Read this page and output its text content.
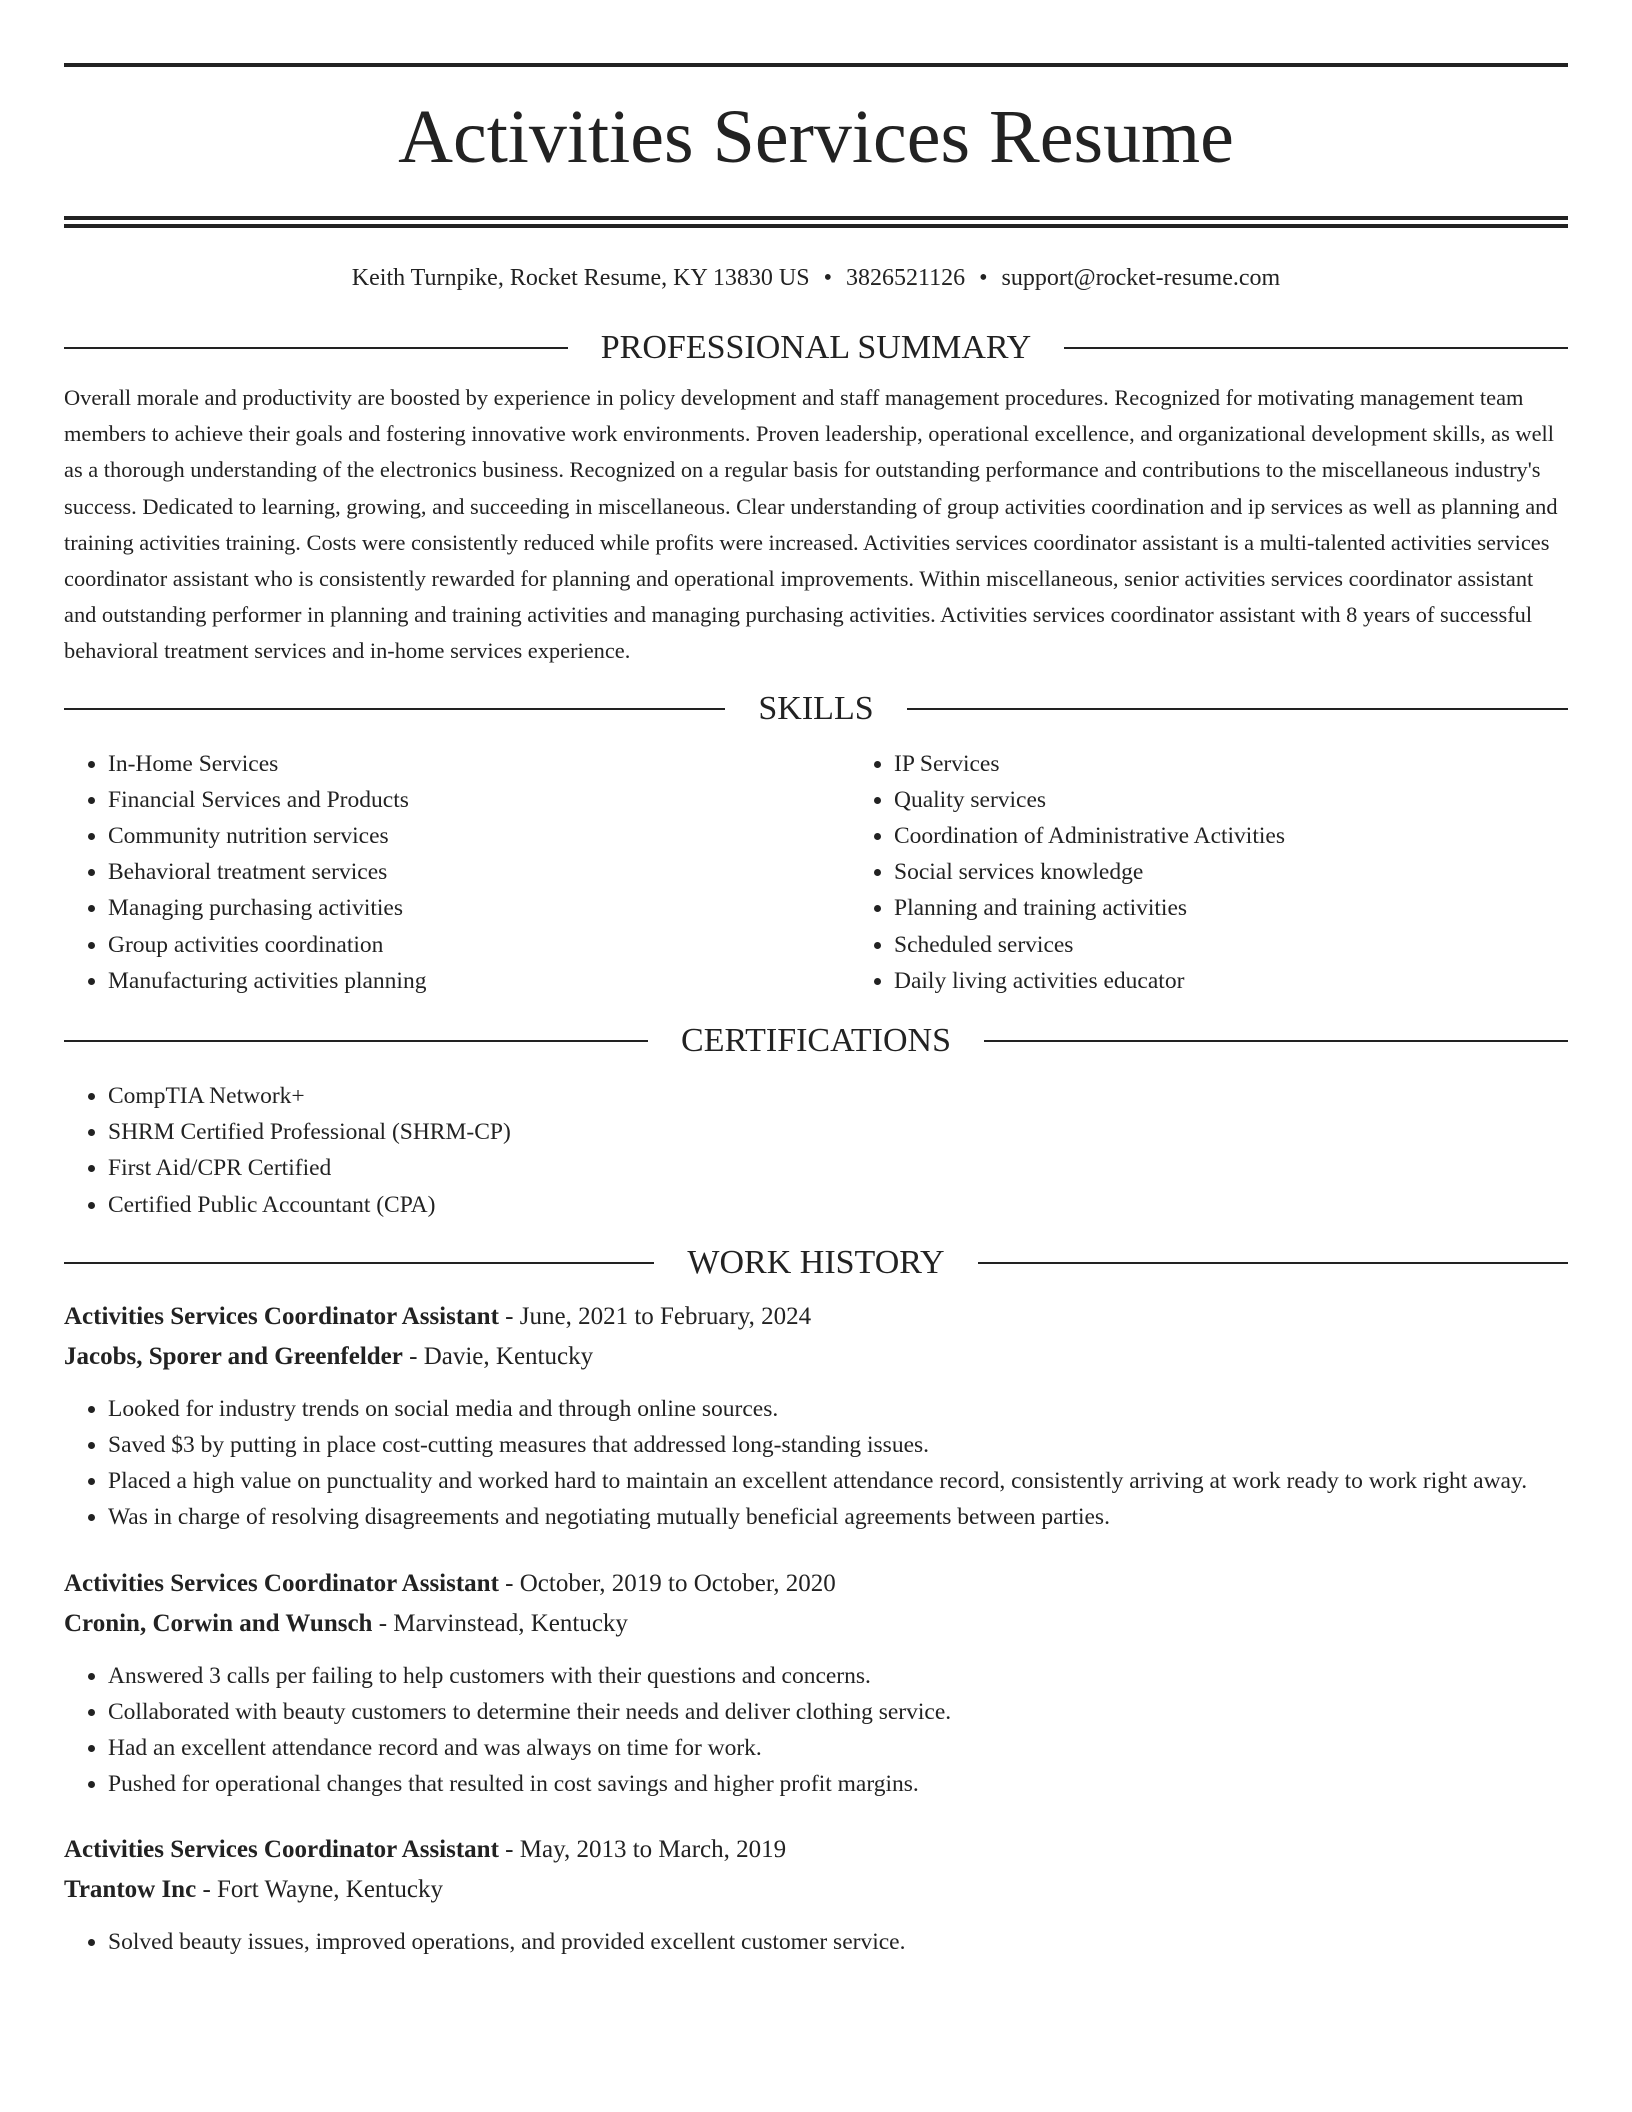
Activities Services Resume
Keith Turnpike, Rocket Resume, KY 13830 US • 3826521126 • support@rocket-resume.com
PROFESSIONAL SUMMARY

Overall morale and productivity are boosted by experience in policy development and staff management procedures. Recognized for motivating management team members to achieve their goals and fostering innovative work environments. Proven leadership, operational excellence, and organizational development skills, as well as a thorough understanding of the electronics business. Recognized on a regular basis for outstanding performance and contributions to the miscellaneous industry's success. Dedicated to learning, growing, and succeeding in miscellaneous. Clear understanding of group activities coordination and ip services as well as planning and training activities training. Costs were consistently reduced while profits were increased. Activities services coordinator assistant is a multi-talented activities services coordinator assistant who is consistently rewarded for planning and operational improvements. Within miscellaneous, senior activities services coordinator assistant and outstanding performer in planning and training activities and managing purchasing activities. Activities services coordinator assistant with 8 years of successful behavioral treatment services and in-home services experience.

SKILLS
• In-Home Services
• Financial Services and Products
• Community nutrition services
• Behavioral treatment services
• Managing purchasing activities
• Group activities coordination
• Manufacturing activities planning
• IP Services
• Quality services
• Coordination of Administrative Activities
• Social services knowledge
• Planning and training activities
• Scheduled services
• Daily living activities educator
CERTIFICATIONS
• CompTIA Network+
• SHRM Certified Professional (SHRM-CP)
• First Aid/CPR Certified
• Certified Public Accountant (CPA)
WORK HISTORY
Activities Services Coordinator Assistant - June, 2021 to February, 2024
Jacobs, Sporer and Greenfelder - Davie, Kentucky
• Looked for industry trends on social media and through online sources.
• Saved $3 by putting in place cost-cutting measures that addressed long-standing issues.
• Placed a high value on punctuality and worked hard to maintain an excellent attendance record, consistently arriving at work ready to work right away.
• Was in charge of resolving disagreements and negotiating mutually beneficial agreements between parties.
Activities Services Coordinator Assistant - October, 2019 to October, 2020
Cronin, Corwin and Wunsch - Marvinstead, Kentucky
• Answered 3 calls per failing to help customers with their questions and concerns.
• Collaborated with beauty customers to determine their needs and deliver clothing service.
• Had an excellent attendance record and was always on time for work.
• Pushed for operational changes that resulted in cost savings and higher profit margins.
Activities Services Coordinator Assistant - May, 2013 to March, 2019
Trantow Inc - Fort Wayne, Kentucky
• Solved beauty issues, improved operations, and provided excellent customer service.
